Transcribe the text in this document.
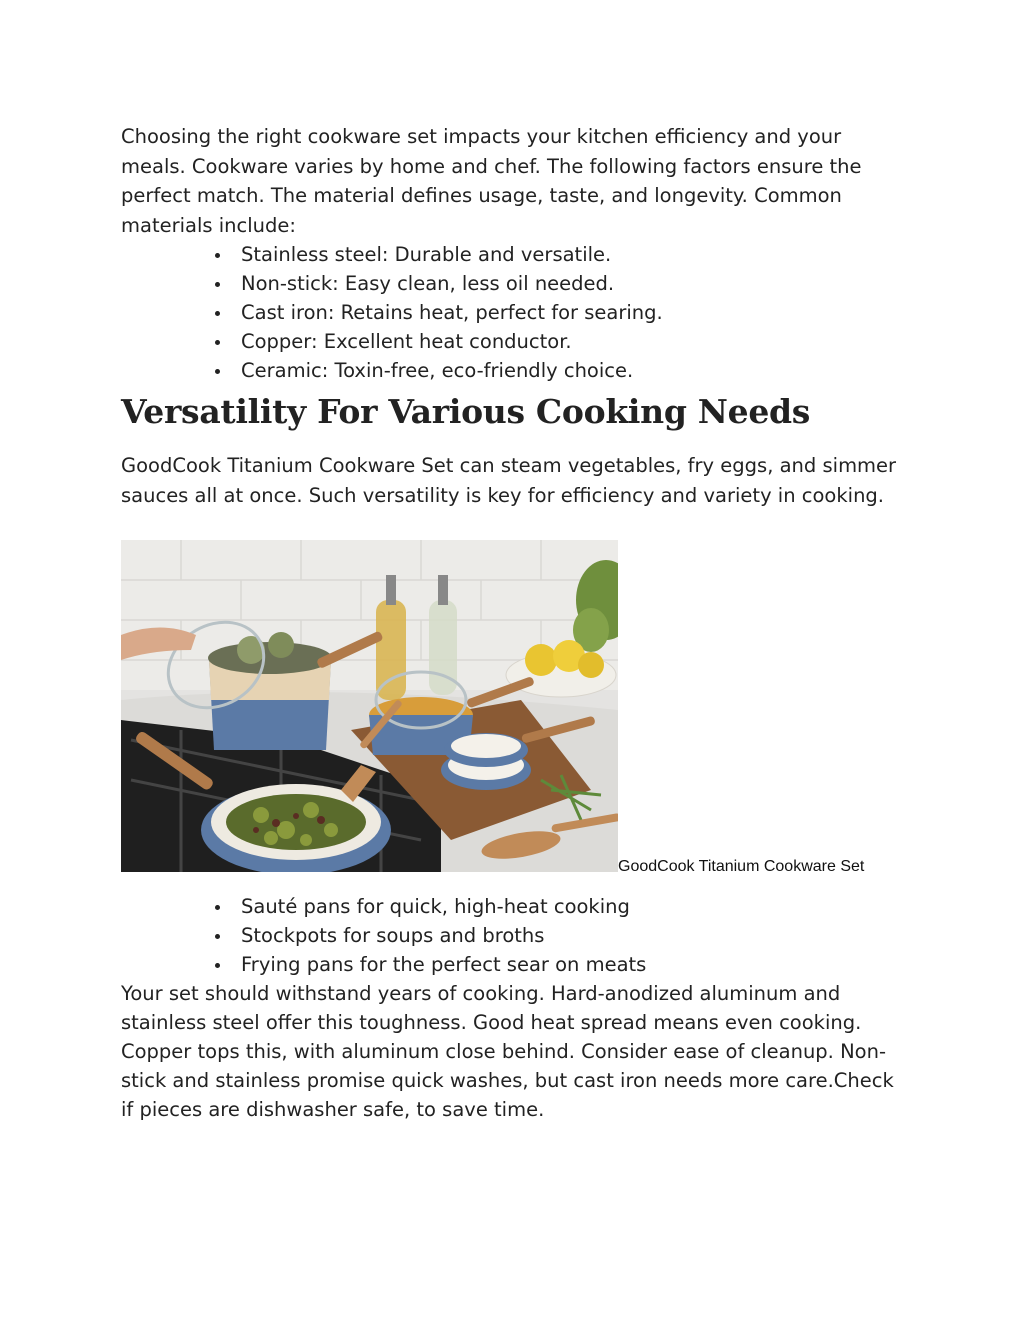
Choosing the right cookware set impacts your kitchen efficiency and your meals. Cookware varies by home and chef. The following factors ensure the perfect match. The material defines usage, taste, and longevity. Common materials include:

Stainless steel: Durable and versatile.
Non-stick: Easy clean, less oil needed.
Cast iron: Retains heat, perfect for searing.
Copper: Excellent heat conductor.
Ceramic: Toxin-free, eco-friendly choice.
Versatility For Various Cooking Needs

GoodCook Titanium Cookware Set can steam vegetables, fry eggs, and simmer sauces all at once. Such versatility is key for efficiency and variety in cooking.

GoodCook Titanium Cookware Set
Sauté pans for quick, high-heat cooking
Stockpots for soups and broths
Frying pans for the perfect sear on meats

Your set should withstand years of cooking. Hard-anodized aluminum and stainless steel offer this toughness. Good heat spread means even cooking. Copper tops this, with aluminum close behind. Consider ease of cleanup. Non-stick and stainless promise quick washes, but cast iron needs more care.Check if pieces are dishwasher safe, to save time.
